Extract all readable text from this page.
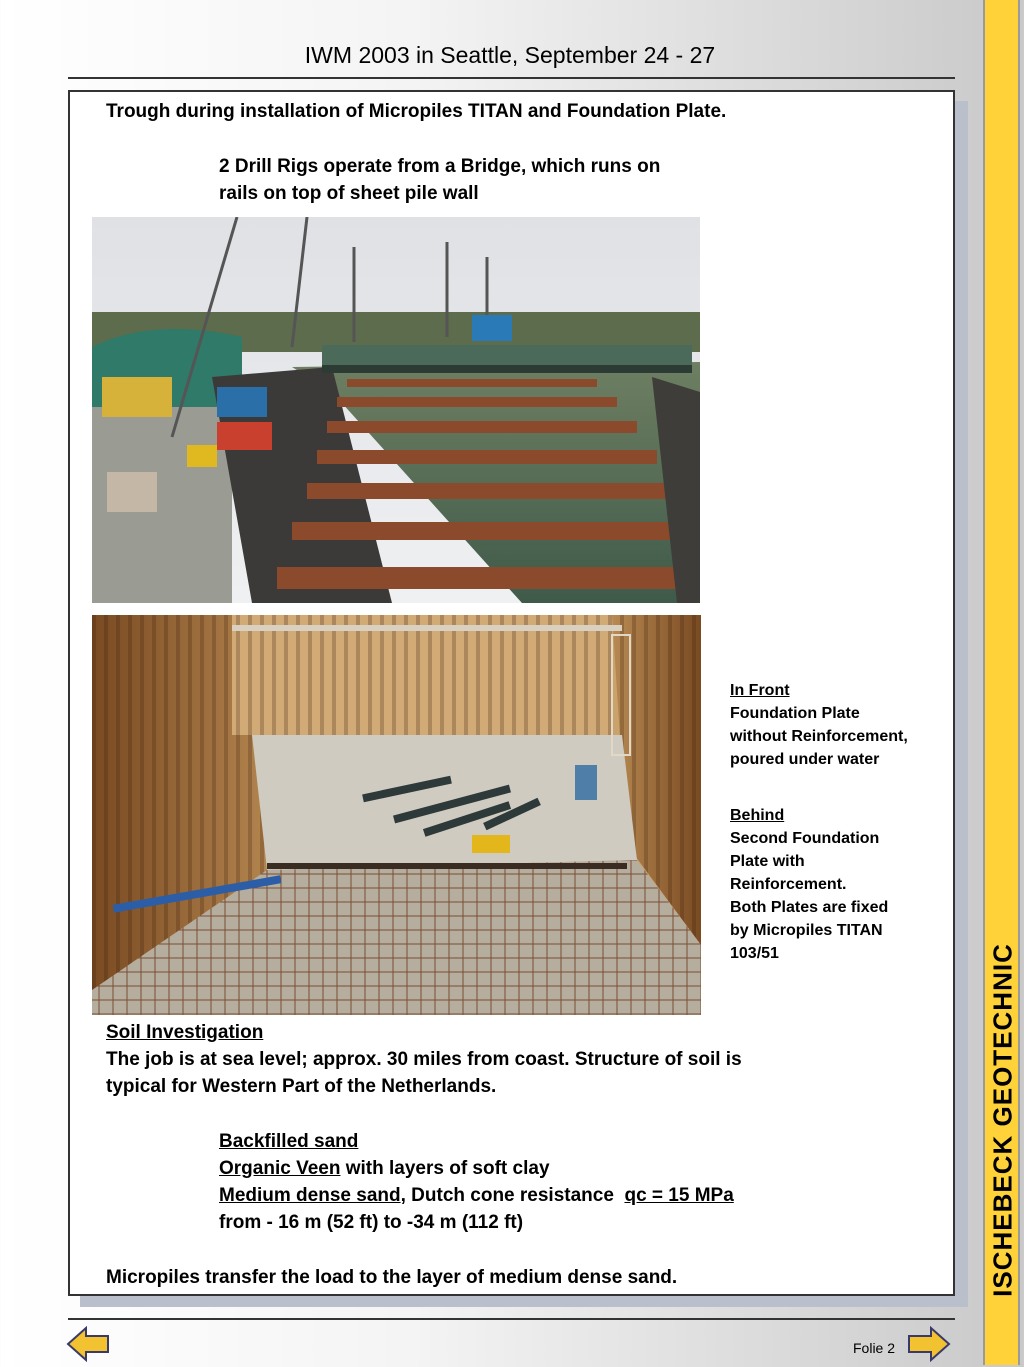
IWM 2003 in Seattle, September 24 - 27
ISCHEBECK GEOTECHNIC
Trough during installation of Micropiles TITAN and Foundation Plate.
2 Drill Rigs operate from a Bridge, which runs on
rails on top of sheet pile wall
In Front
Foundation Plate
without Reinforcement,
poured under water
Behind
Second Foundation
Plate with
Reinforcement.
Both Plates are fixed
by Micropiles TITAN
103/51
Soil Investigation
The job is at sea level; approx. 30 miles from coast. Structure of soil is
typical for Western Part of the Netherlands.
Backfilled sand
Organic Veen with layers of soft clay
Medium dense sand, Dutch cone resistance  qc = 15 MPa
from - 16 m (52 ft) to -34 m (112 ft)
Micropiles transfer the load to the layer of medium dense sand.
Folie 2
